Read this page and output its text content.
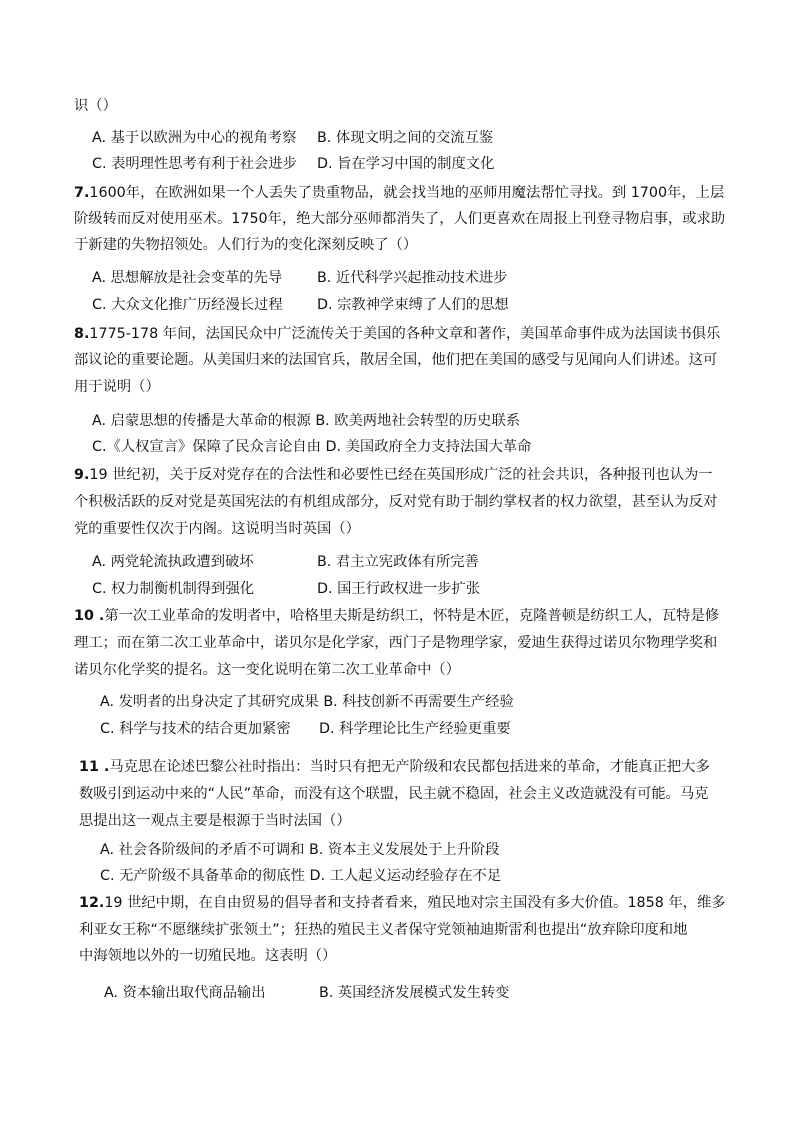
识（）
A. 基于以欧洲为中心的视角考察 B. 体现文明之间的交流互鉴
C. 表明理性思考有利于社会进步 D. 旨在学习中国的制度文化
7.1600年，在欧洲如果一个人丢失了贵重物品，就会找当地的巫师用魔法帮忙寻找。到 1700年，上层
阶级转而反对使用巫术。1750年，绝大部分巫师都消失了，人们更喜欢在周报上刊登寻物启事，或求助
于新建的失物招领处。人们行为的变化深刻反映了（）
A. 思想解放是社会变革的先导 B. 近代科学兴起推动技术进步
C. 大众文化推广历经漫长过程 D. 宗教神学束缚了人们的思想
8.1775-178 年间，法国民众中广泛流传关于美国的各种文章和著作，美国革命事件成为法国读书俱乐
部议论的重要论题。从美国归来的法国官兵，散居全国，他们把在美国的感受与见闻向人们讲述。这可
用于说明（）
A. 启蒙思想的传播是大革命的根源 B. 欧美两地社会转型的历史联系
C.《人权宣言》保障了民众言论自由 D. 美国政府全力支持法国大革命
9.19 世纪初，关于反对党存在的合法性和必要性已经在英国形成广泛的社会共识，各种报刊也认为一
个积极活跃的反对党是英国宪法的有机组成部分，反对党有助于制约掌权者的权力欲望，甚至认为反对
党的重要性仅次于内阁。这说明当时英国（）
A. 两党轮流执政遭到破坏	B. 君主立宪政体有所完善
C. 权力制衡机制得到强化	D. 国王行政权进一步扩张
10 .第一次工业革命的发明者中，哈格里夫斯是纺织工，怀特是木匠，克隆普顿是纺织工人，瓦特是修
理工；而在第二次工业革命中，诺贝尔是化学家，西门子是物理学家，爱迪生获得过诺贝尔物理学奖和
诺贝尔化学奖的提名。这一变化说明在第二次工业革命中（）
A. 发明者的出身决定了其研究成果 B. 科技创新不再需要生产经验
C. 科学与技术的结合更加紧密 D. 科学理论比生产经验更重要
11 .马克思在论述巴黎公社时指出：当时只有把无产阶级和农民都包括进来的革命，才能真正把大多
数吸引到运动中来的“人民”革命，而没有这个联盟，民主就不稳固，社会主义改造就没有可能。马克
思提出这一观点主要是根源于当时法国（）
A. 社会各阶级间的矛盾不可调和 B. 资本主义发展处于上升阶段
C. 无产阶级不具备革命的彻底性 D. 工人起义运动经验存在不足
12.19 世纪中期，在自由贸易的倡导者和支持者看来，殖民地对宗主国没有多大价值。1858 年，维多
利亚女王称“不愿继续扩张领土”；狂热的殖民主义者保守党领袖迪斯雷利也提出“放弃除印度和地
中海领地以外的一切殖民地。这表明（）
A. 资本输出取代商品输出	B. 英国经济发展模式发生转变
